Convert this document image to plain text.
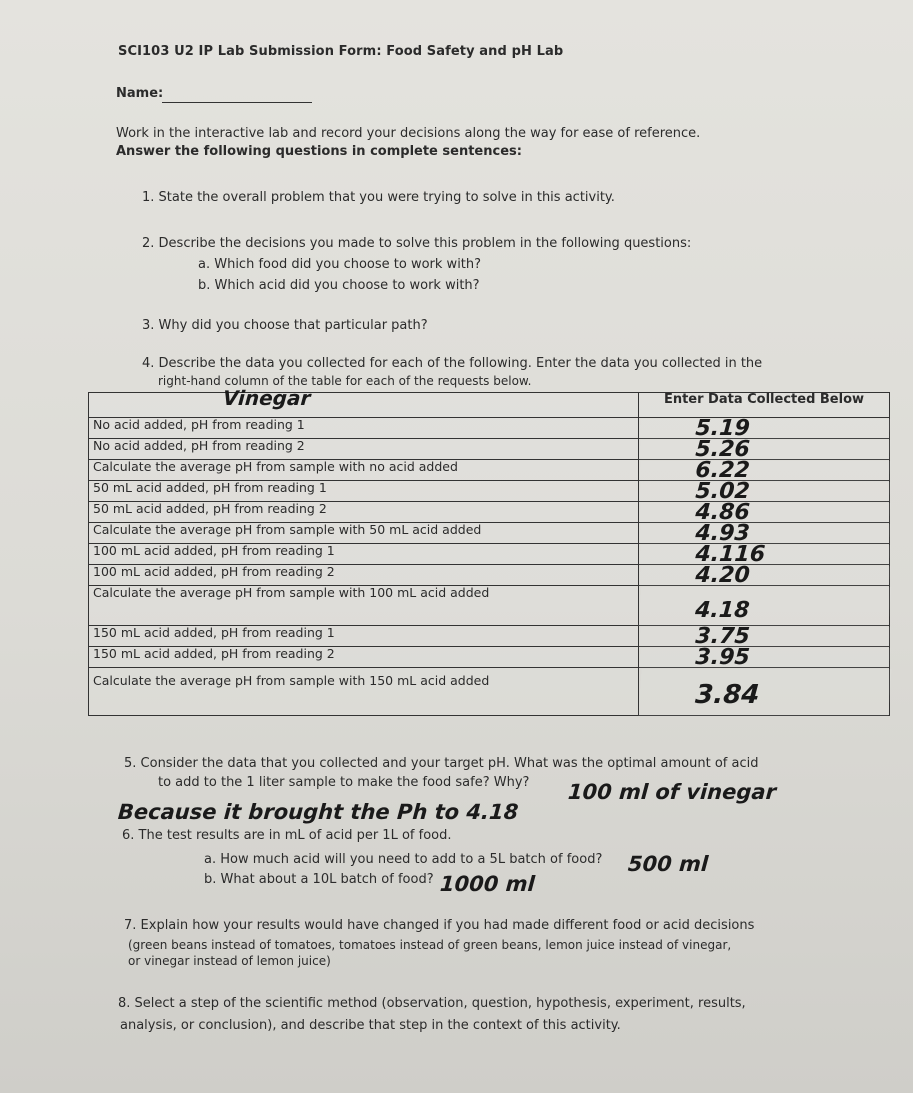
SCI103 U2 IP Lab Submission Form: Food Safety and pH Lab
Name:
Work in the interactive lab and record your decisions along the way for ease of reference.
Answer the following questions in complete sentences:
1. State the overall problem that you were trying to solve in this activity.
2. Describe the decisions you made to solve this problem in the following questions:
a. Which food did you choose to work with?
b. Which acid did you choose to work with?
3. Why did you choose that particular path?
4. Describe the data you collected for each of the following. Enter the data you collected in the
right-hand column of the table for each of the requests below.
Vinegar	Enter Data Collected Below
No acid added, pH from reading 1	5.19
No acid added, pH from reading 2	5.26
Calculate the average pH from sample with no acid added	6.22
50 mL acid added, pH from reading 1	5.02
50 mL acid added, pH from reading 2	4.86
Calculate the average pH from sample with 50 mL acid added	4.93
100 mL acid added, pH from reading 1	4.116
100 mL acid added, pH from reading 2	4.20
Calculate the average pH from sample with 100 mL acid added	4.18
150 mL acid added, pH from reading 1	3.75
150 mL acid added, pH from reading 2	3.95
Calculate the average pH from sample with 150 mL acid added	3.84
5. Consider the data that you collected and your target pH. What was the optimal amount of acid
to add to the 1 liter sample to make the food safe? Why? 100 ml of vinegar
Because it brought the Ph to 4.18
6. The test results are in mL of acid per 1L of food.
a. How much acid will you need to add to a 5L batch of food? 500 ml
b. What about a 10L batch of food? 1000 ml
7. Explain how your results would have changed if you had made different food or acid decisions
(green beans instead of tomatoes, tomatoes instead of green beans, lemon juice instead of vinegar,
or vinegar instead of lemon juice)
8. Select a step of the scientific method (observation, question, hypothesis, experiment, results,
analysis, or conclusion), and describe that step in the context of this activity.
